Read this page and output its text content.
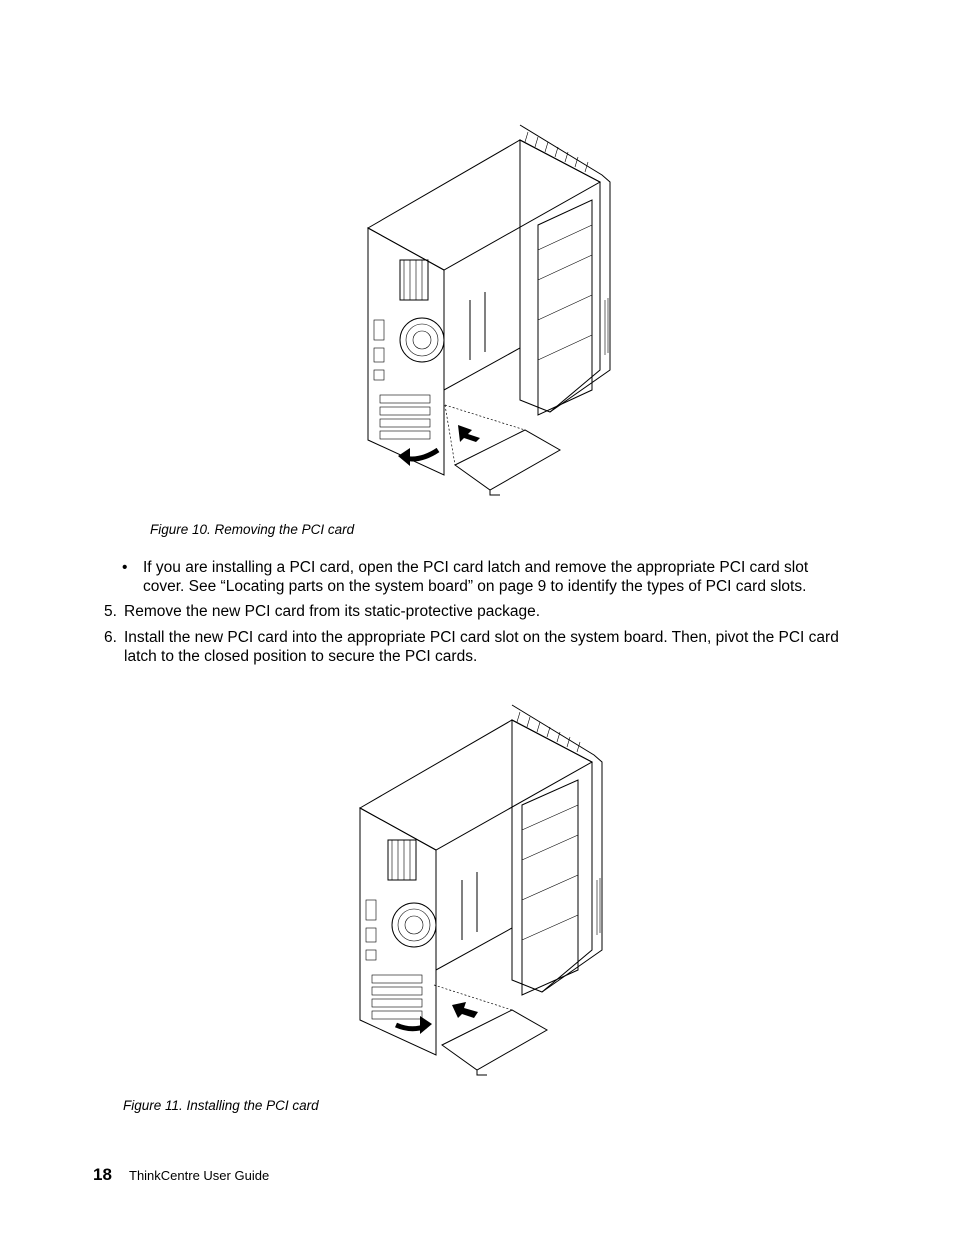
Figure 10. Removing the PCI card
•	If you are installing a PCI card, open the PCI card latch and remove the appropriate PCI card slot cover. See “Locating parts on the system board” on page 9 to identify the types of PCI card slots.
5. Remove the new PCI card from its static-protective package.
6. Install the new PCI card into the appropriate PCI card slot on the system board. Then, pivot the PCI card latch to the closed position to secure the PCI cards.
Figure 11. Installing the PCI card
18 ThinkCentre User Guide
